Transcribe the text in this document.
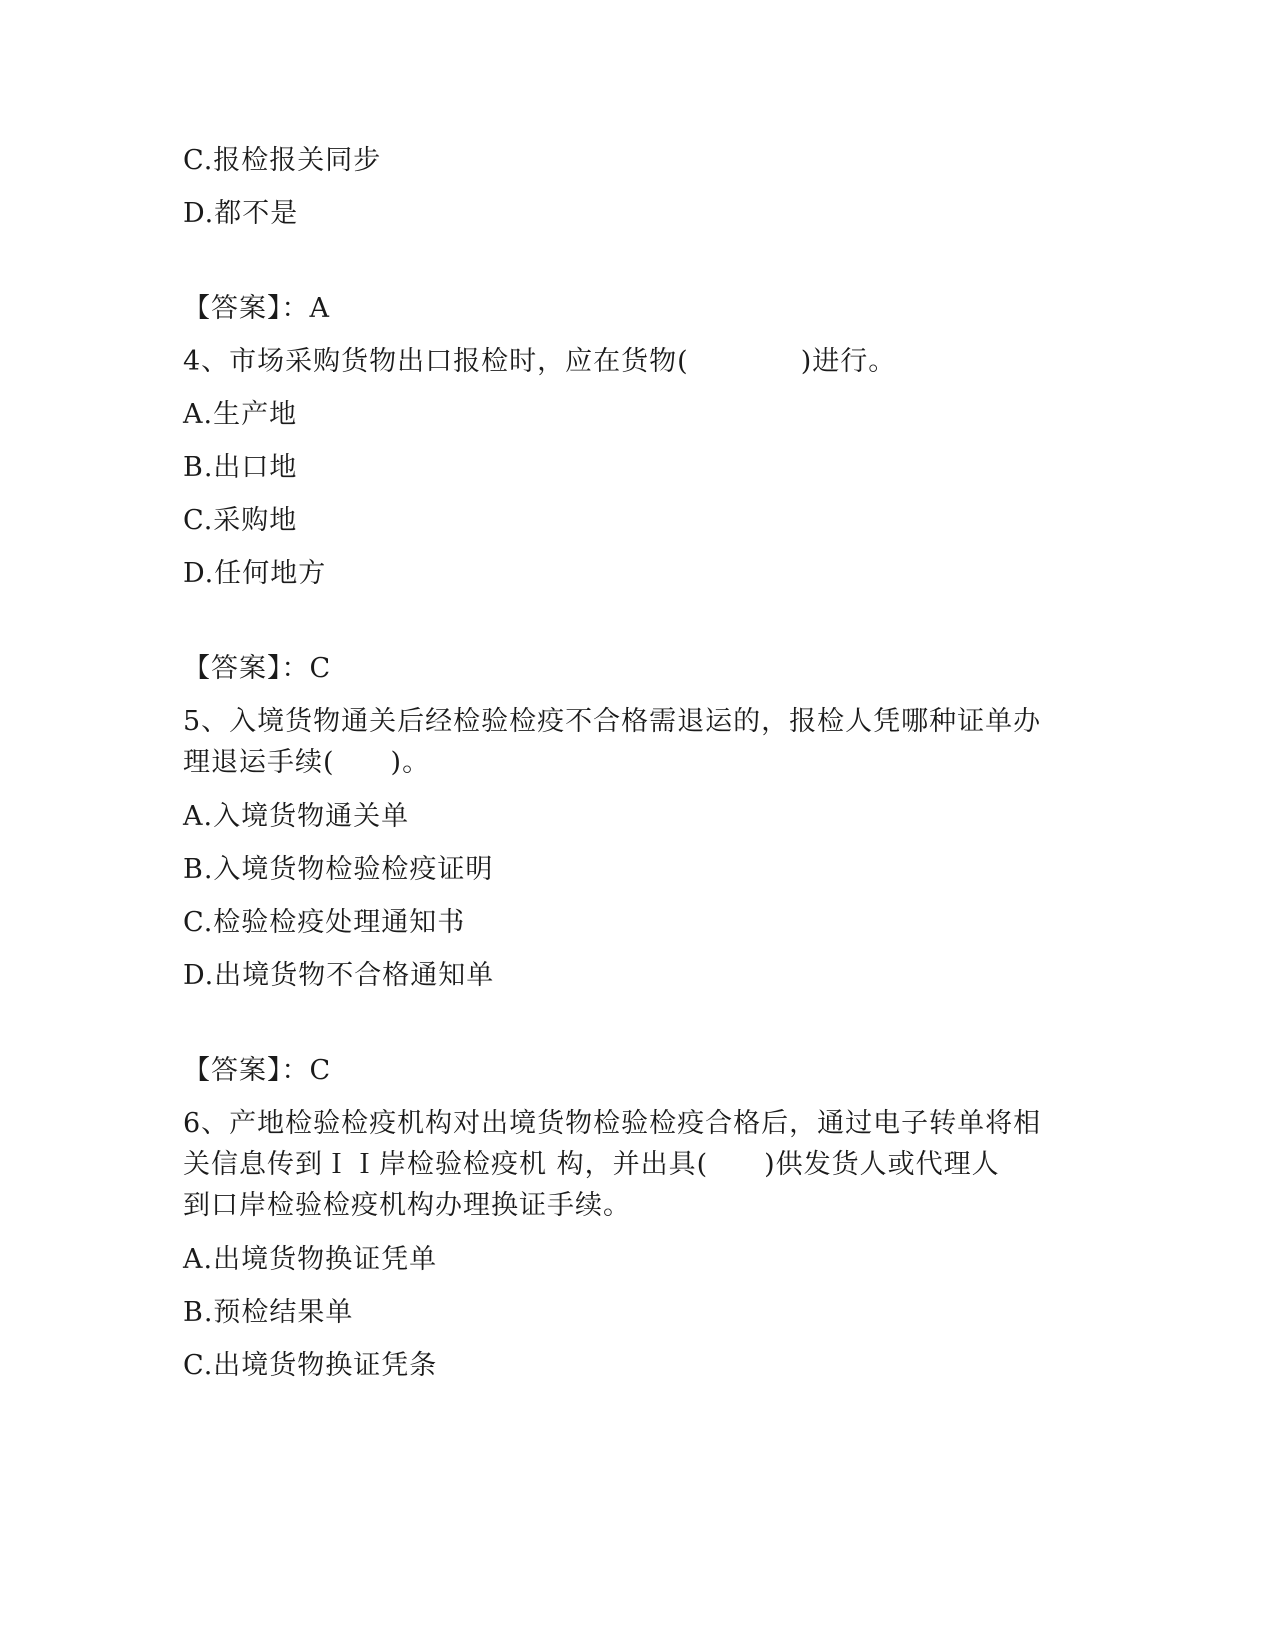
C.报检报关同步
D.都不是
【答案】：A
4、市场采购货物出口报检时，应在货物(　　　　)进行。
A.生产地
B.出口地
C.采购地
D.任何地方
【答案】：C
5、入境货物通关后经检验检疫不合格需退运的，报检人凭哪种证单办
理退运手续(　　)。
A.入境货物通关单
B.入境货物检验检疫证明
C.检验检疫处理通知书
D.出境货物不合格通知单
【答案】：C
6、产地检验检疫机构对出境货物检验检疫合格后，通过电子转单将相
关信息传到ＩＩ岸检验检疫机 构，并出具(　　)供发货人或代理人
到口岸检验检疫机构办理换证手续。
A.出境货物换证凭单
B.预检结果单
C.出境货物换证凭条
